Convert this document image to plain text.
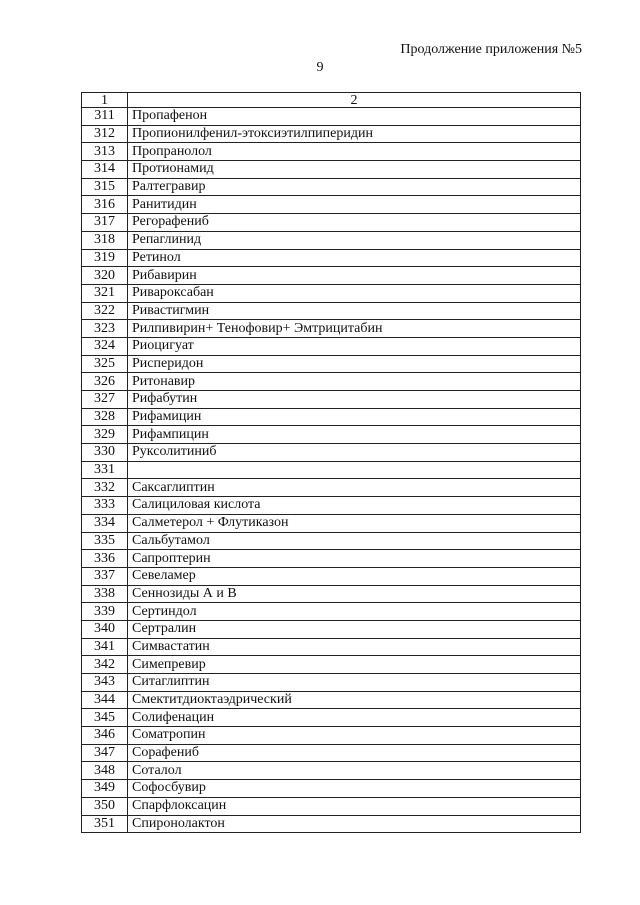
Продолжение приложения №5
9
1	2
311	Пропафенон
312	Пропионилфенил-этоксиэтилпиперидин
313	Пропранолол
314	Протионамид
315	Ралтегравир
316	Ранитидин
317	Регорафениб
318	Репаглинид
319	Ретинол
320	Рибавирин
321	Ривароксабан
322	Ривастигмин
323	Рилпивирин+ Тенофовир+ Эмтрицитабин
324	Риоцигуат
325	Рисперидон
326	Ритонавир
327	Рифабутин
328	Рифамицин
329	Рифампицин
330	Руксолитиниб
331	
332	Саксаглиптин
333	Салициловая кислота
334	Салметерол + Флутиказон
335	Сальбутамол
336	Сапроптерин
337	Севеламер
338	Сеннозиды А и В
339	Сертиндол
340	Сертралин
341	Симвастатин
342	Симепревир
343	Ситаглиптин
344	Смектитдиоктаэдрический
345	Солифенацин
346	Соматропин
347	Сорафениб
348	Соталол
349	Софосбувир
350	Спарфлоксацин
351	Спиронолактон
